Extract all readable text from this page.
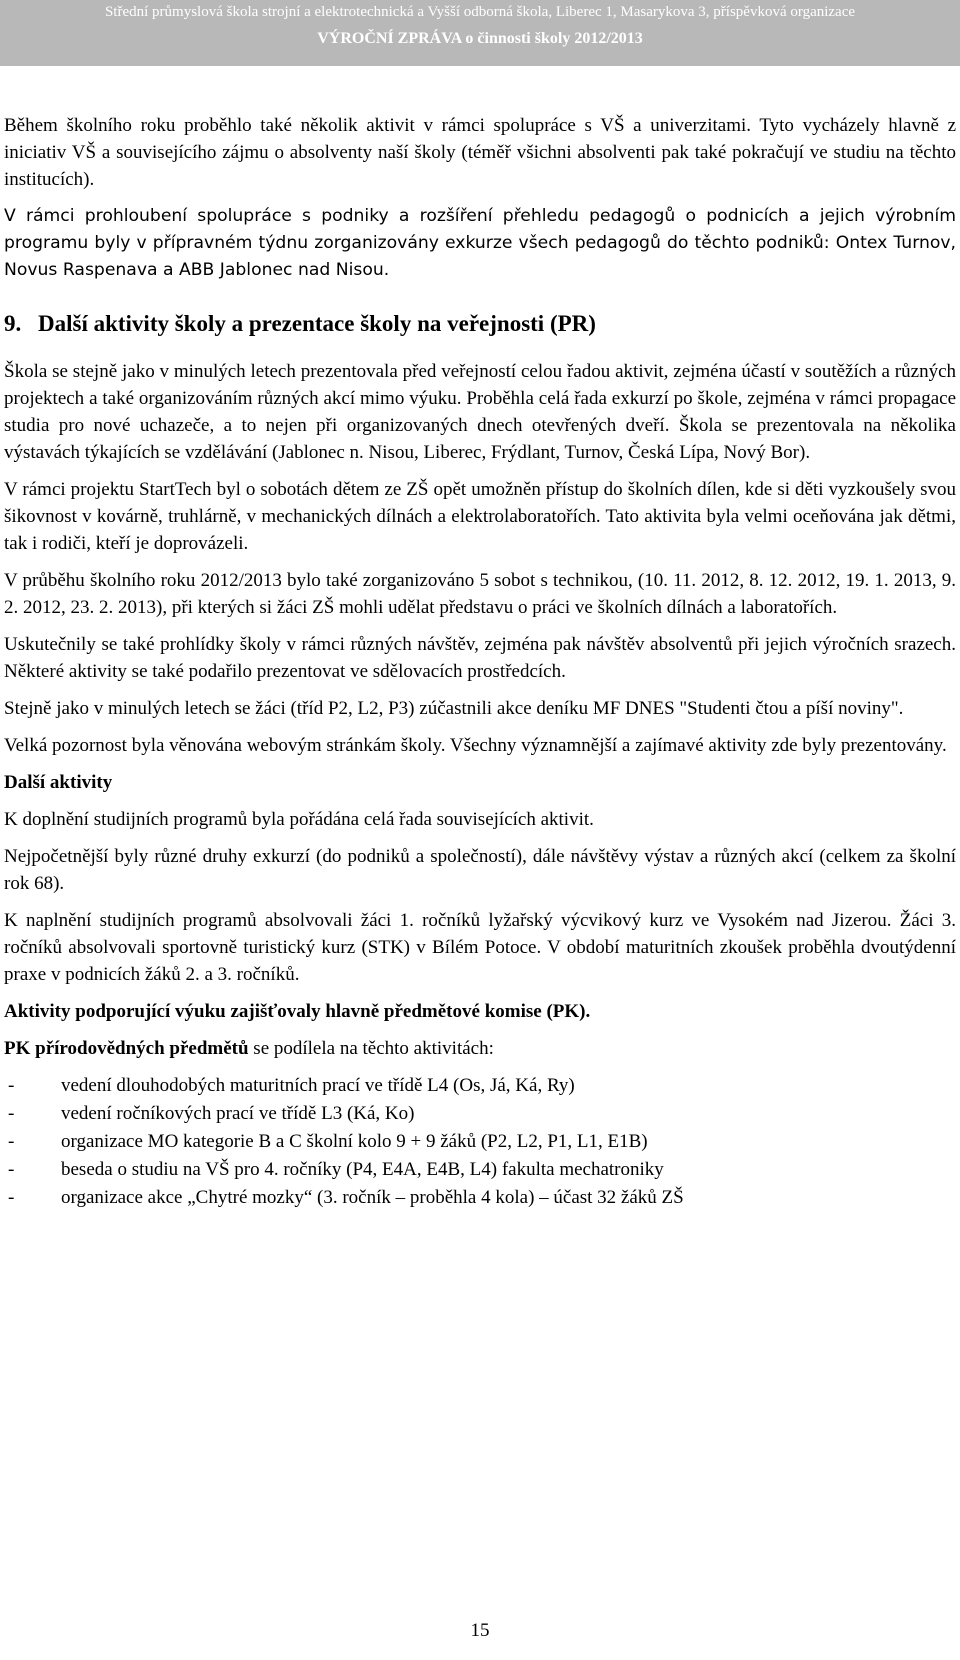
Střední průmyslová škola strojní a elektrotechnická a Vyšší odborná škola, Liberec 1, Masarykova 3, příspěvková organizace
VÝROČNÍ ZPRÁVA o činnosti školy 2012/2013

Během školního roku proběhlo také několik aktivit v rámci spolupráce s VŠ a univerzitami. Tyto vycházely hlavně z iniciativ VŠ a souvisejícího zájmu o absolventy naší školy (téměř všichni absolventi pak také pokračují ve studiu na těchto institucích).

V rámci prohloubení spolupráce s podniky a rozšíření přehledu pedagogů o podnicích a jejich výrobním programu byly v přípravném týdnu zorganizovány exkurze všech pedagogů do těchto podniků: Ontex Turnov, Novus Raspenava a ABB Jablonec nad Nisou.

9. Další aktivity školy a prezentace školy na veřejnosti (PR)

Škola se stejně jako v minulých letech prezentovala před veřejností celou řadou aktivit, zejména účastí v soutěžích a různých projektech a také organizováním různých akcí mimo výuku. Proběhla celá řada exkurzí po škole, zejména v rámci propagace studia pro nové uchazeče, a to nejen při organizovaných dnech otevřených dveří. Škola se prezentovala na několika výstavách týkajících se vzdělávání (Jablonec n. Nisou, Liberec, Frýdlant, Turnov, Česká Lípa, Nový Bor).

V rámci projektu StartTech byl o sobotách dětem ze ZŠ opět umožněn přístup do školních dílen, kde si děti vyzkoušely svou šikovnost v kovárně, truhlárně, v mechanických dílnách a elektrolaboratořích. Tato aktivita byla velmi oceňována jak dětmi, tak i rodiči, kteří je doprovázeli.

V průběhu školního roku 2012/2013 bylo také zorganizováno 5 sobot s technikou, (10. 11. 2012, 8. 12. 2012, 19. 1. 2013, 9. 2. 2012, 23. 2. 2013), při kterých si žáci ZŠ mohli udělat představu o práci ve školních dílnách a laboratořích.

Uskutečnily se také prohlídky školy v rámci různých návštěv, zejména pak návštěv absolventů při jejich výročních srazech. Některé aktivity se také podařilo prezentovat ve sdělovacích prostředcích.

Stejně jako v minulých letech se žáci (tříd P2, L2, P3) zúčastnili akce deníku MF DNES "Studenti čtou a píší noviny".

Velká pozornost byla věnována webovým stránkám školy. Všechny významnější a zajímavé aktivity zde byly prezentovány.

Další aktivity

K doplnění studijních programů byla pořádána celá řada souvisejících aktivit.

Nejpočetnější byly různé druhy exkurzí (do podniků a společností), dále návštěvy výstav a různých akcí (celkem za školní rok 68).

K naplnění studijních programů absolvovali žáci 1. ročníků lyžařský výcvikový kurz ve Vysokém nad Jizerou. Žáci 3. ročníků absolvovali sportovně turistický kurz (STK) v Bílém Potoce. V období maturitních zkoušek proběhla dvoutýdenní praxe v podnicích žáků 2. a 3. ročníků.

Aktivity podporující výuku zajišťovaly hlavně předmětové komise (PK).

PK přírodovědných předmětů se podílela na těchto aktivitách:

- vedení dlouhodobých maturitních prací ve třídě L4 (Os, Já, Ká, Ry)
- vedení ročníkových prací ve třídě L3 (Ká, Ko)
- organizace MO kategorie B a C školní kolo 9 + 9 žáků (P2, L2, P1, L1, E1B)
- beseda o studiu na VŠ pro 4. ročníky (P4, E4A, E4B, L4) fakulta mechatroniky
- organizace akce „Chytré mozky“ (3. ročník – proběhla 4 kola) – účast 32 žáků ZŠ
15
